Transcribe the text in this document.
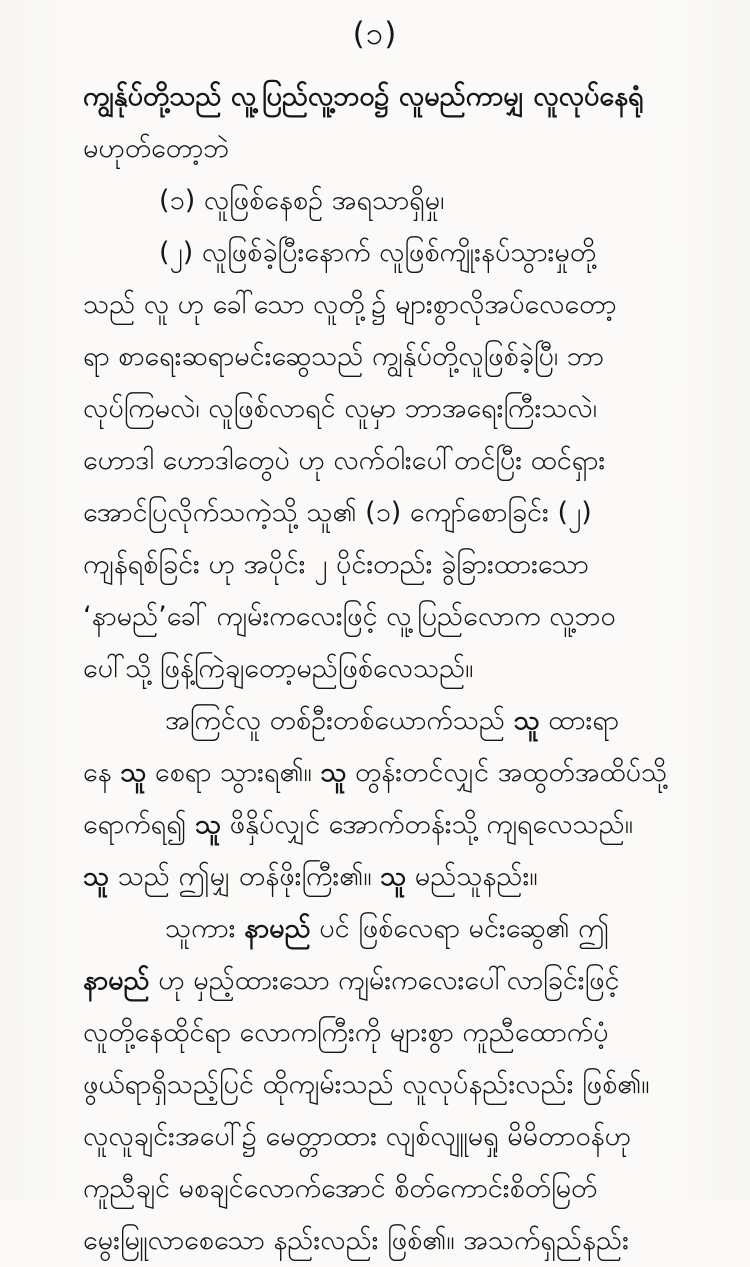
(၁)
ကျွန်ုပ်တို့သည် လူ့ပြည်လူ့ဘဝ၌ လူမည်ကာမျှ လူလုပ်နေရုံ
မဟုတ်တော့ဘဲ
(၁) လူဖြစ်နေစဉ် အရသာရှိမှု၊
(၂) လူဖြစ်ခဲ့ပြီးနောက် လူဖြစ်ကျိုးနပ်သွားမှုတို့
သည် လူ ဟု ခေါ်သော လူတို့၌ များစွာလိုအပ်လေတော့
ရာ စာရေးဆရာမင်းဆွေသည် ကျွန်ုပ်တို့လူဖြစ်ခဲ့ပြီ၊ ဘာ
လုပ်ကြမလဲ၊ လူဖြစ်လာရင် လူမှာ ဘာအရေးကြီးသလဲ၊
ဟောဒါ ဟောဒါတွေပဲ ဟု လက်ဝါးပေါ်တင်ပြီး ထင်ရှား
အောင်ပြလိုက်သကဲ့သို့ သူ၏ (၁) ကျော်စောခြင်း (၂)
ကျန်ရစ်ခြင်း ဟု အပိုင်း ၂ ပိုင်းတည်း ခွဲခြားထားသော
‘နာမည်’ခေါ် ကျမ်းကလေးဖြင့် လူ့ပြည်လောက လူ့ဘဝ
ပေါ်သို့ ဖြန့်ကြဲချတော့မည်ဖြစ်လေသည်။
အကြင်လူ တစ်ဦးတစ်ယောက်သည် သူ ထားရာ
နေ သူ စေရာ သွားရ၏။ သူ တွန်းတင်လျှင် အထွတ်အထိပ်သို့
ရောက်ရ၍ သူ ဖိနှိပ်လျှင် အောက်တန်းသို့ ကျရလေသည်။
သူ သည် ဤမျှ တန်ဖိုးကြီး၏။ သူ မည်သူနည်း။
သူကား နာမည် ပင် ဖြစ်လေရာ မင်းဆွေ၏ ဤ
နာမည် ဟု မှည့်ထားသော ကျမ်းကလေးပေါ်လာခြင်းဖြင့်
လူတို့နေထိုင်ရာ လောကကြီးကို များစွာ ကူညီထောက်ပံ့
ဖွယ်ရာရှိသည့်ပြင် ထိုကျမ်းသည် လူလုပ်နည်းလည်း ဖြစ်၏။
လူလူချင်းအပေါ်၌ မေတ္တာထား လျစ်လျူမရှု မိမိတာဝန်ဟု
ကူညီချင် မစချင်လောက်အောင် စိတ်ကောင်းစိတ်မြတ်
မွေးမြူလာစေသော နည်းလည်း ဖြစ်၏။ အသက်ရှည်နည်း
